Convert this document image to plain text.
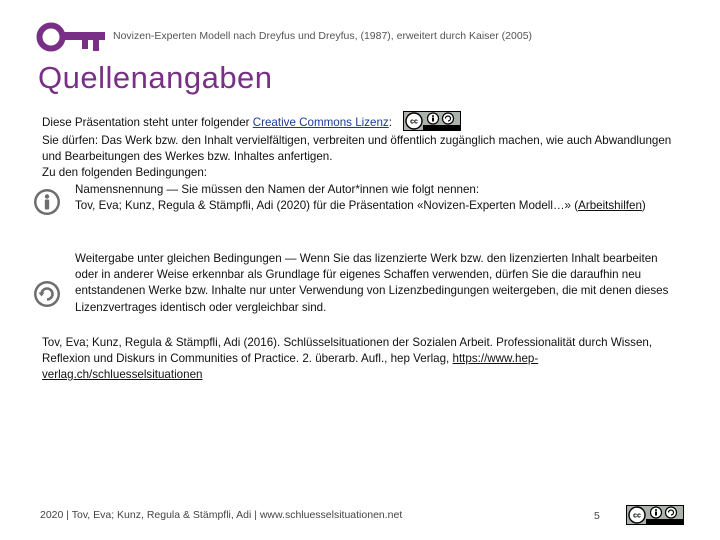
Novizen-Experten Modell nach Dreyfus und Dreyfus, (1987), erweitert durch Kaiser (2005)
Quellenangaben

Diese Präsentation steht unter folgender Creative Commons Lizenz:	cc

Sie dürfen: Das Werk bzw. den Inhalt vervielfältigen, verbreiten und öffentlich zugänglich machen, wie auch Abwandlungen und Bearbeitungen des Werkes bzw. Inhaltes anfertigen.

Zu den folgenden Bedingungen:

Namensnennung — Sie müssen den Namen der Autor*innen wie folgt nennen:

Tov, Eva; Kunz, Regula & Stämpfli, Adi (2020) für die Präsentation «Novizen-Experten Modell…» (Arbeitshilfen)

Weitergabe unter gleichen Bedingungen — Wenn Sie das lizenzierte Werk bzw. den lizenzierten Inhalt bearbeiten oder in anderer Weise erkennbar als Grundlage für eigenes Schaffen verwenden, dürfen Sie die daraufhin neu entstandenen Werke bzw. Inhalte nur unter Verwendung von Lizenzbedingungen weitergeben, die mit denen dieses Lizenzvertrages identisch oder vergleichbar sind.

Tov, Eva; Kunz, Regula & Stämpfli, Adi (2016). Schlüsselsituationen der Sozialen Arbeit. Professionalität durch Wissen, Reflexion und Diskurs in Communities of Practice. 2. überarb. Aufl., hep Verlag, https://www.hep-verlag.ch/schluesselsituationen

2020 | Tov, Eva; Kunz, Regula & Stämpfli, Adi | www.schluesselsituationen.net	5	cc
